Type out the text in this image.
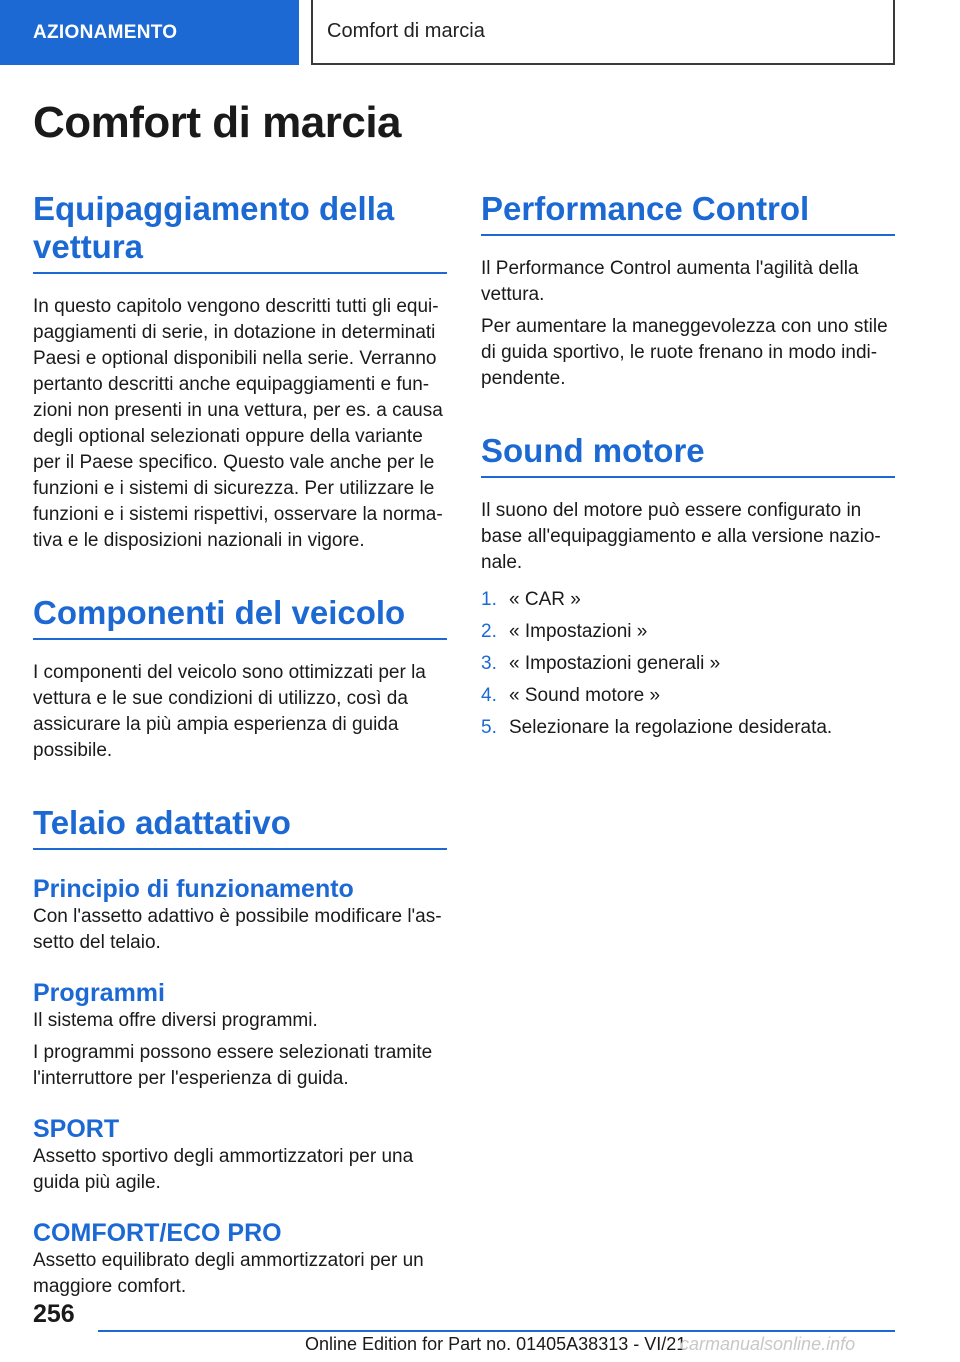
AZIONAMENTO	Comfort di marcia
Comfort di marcia
Equipaggiamento della vettura

In questo capitolo vengono descritti tutti gli equipaggiamenti di serie, in dotazione in determinati Paesi e optional disponibili nella serie. Verranno pertanto descritti anche equipaggiamenti e funzioni non presenti in una vettura, per es. a causa degli optional selezionati oppure della variante per il Paese specifico. Questo vale anche per le funzioni e i sistemi di sicurezza. Per utilizzare le funzioni e i sistemi rispettivi, osservare la normativa e le disposizioni nazionali in vigore.

Componenti del veicolo

I componenti del veicolo sono ottimizzati per la vettura e le sue condizioni di utilizzo, così da assicurare la più ampia esperienza di guida possibile.

Telaio adattativo
Principio di funzionamento

Con l'assetto adattivo è possibile modificare l'assetto del telaio.

Programmi

Il sistema offre diversi programmi.

I programmi possono essere selezionati tramite l'interruttore per l'esperienza di guida.

SPORT

Assetto sportivo degli ammortizzatori per una guida più agile.

COMFORT/ECO PRO

Assetto equilibrato degli ammortizzatori per un maggiore comfort.

Performance Control

Il Performance Control aumenta l'agilità della vettura.

Per aumentare la maneggevolezza con uno stile di guida sportivo, le ruote frenano in modo indipendente.

Sound motore

Il suono del motore può essere configurato in base all'equipaggiamento e alla versione nazionale.

1. « CAR »
2. « Impostazioni »
3. « Impostazioni generali »
4. « Sound motore »
5. Selezionare la regolazione desiderata.
256
Online Edition for Part no. 01405A38313 - VI/21
carmanualsonline.info
